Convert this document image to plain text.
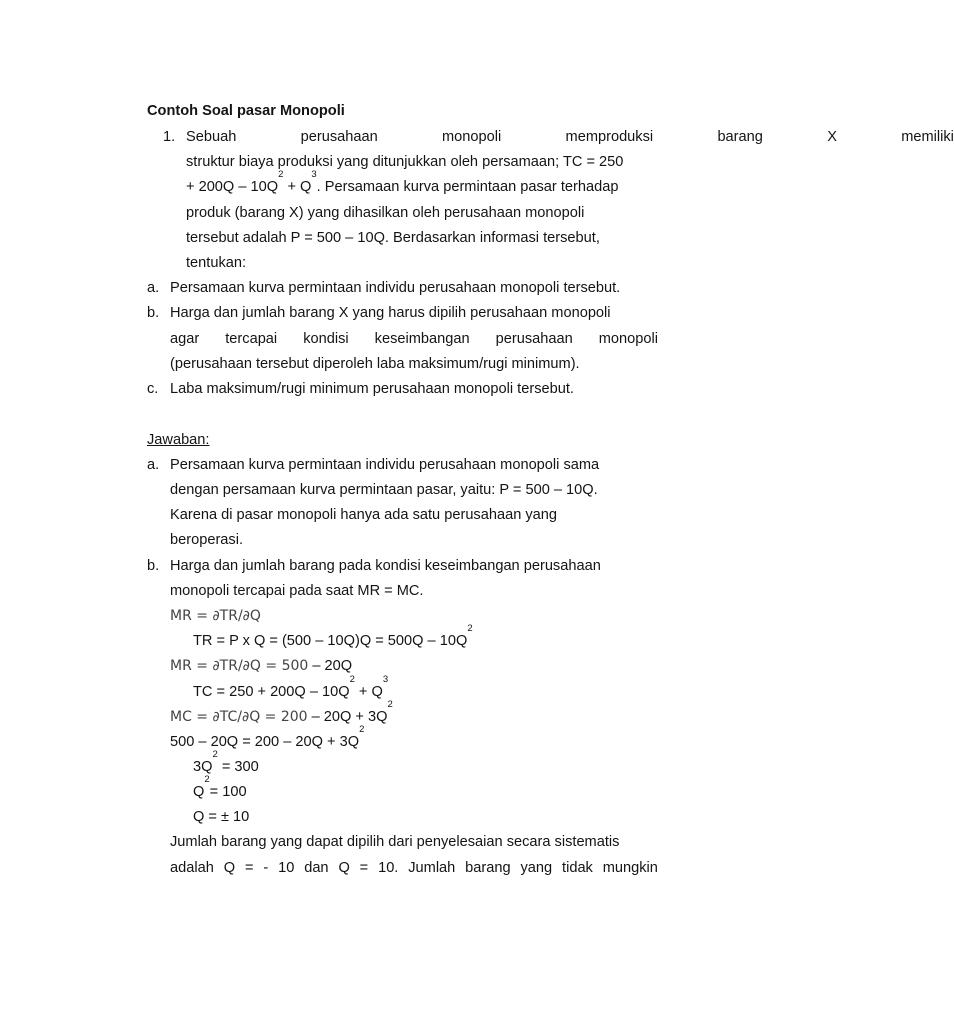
Contoh Soal pasar Monopoli
1. Sebuah	perusahaan	monopoli	memproduksi	barang	X	memiliki
struktur biaya produksi yang ditunjukkan oleh persamaan; TC = 250
+ $200Q - 10Q^2 + Q^3$. Persamaan kurva permintaan pasar terhadap
produk (barang X) yang dihasilkan oleh perusahaan monopoli
tersebut adalah P = 500 – 10Q. Berdasarkan informasi tersebut,
tentukan:
a. Persamaan kurva permintaan individu perusahaan monopoli tersebut.
b. Harga dan jumlah barang X yang harus dipilih perusahaan monopoli
agar tercapai kondisi keseimbangan perusahaan monopoli
(perusahaan tersebut diperoleh laba maksimum/rugi minimum).
c. Laba maksimum/rugi minimum perusahaan monopoli tersebut.
Jawaban:
a. Persamaan kurva permintaan individu perusahaan monopoli sama
dengan persamaan kurva permintaan pasar, yaitu: P = 500 – 10Q.
Karena di pasar monopoli hanya ada satu perusahaan yang
beroperasi.
b. Harga dan jumlah barang pada kondisi keseimbangan perusahaan
monopoli tercapai pada saat MR = MC.
MR = ∂TR/∂Q
TR = P x $Q = (500 - 10Q)Q = 500Q - 10Q^2$
MR = ∂TR/∂Q = 500 – 20Q
TC = $250 + 200Q - 10Q^2 + Q^3$
MC = $\partial TC/\partial Q = 200 - 20Q + 3Q^2$
$500 - 20Q = 200 - 20Q + 3Q^2$
$3Q^2 = 300$
$Q^2= 100$
Q = ± 10
Jumlah barang yang dapat dipilih dari penyelesaian secara sistematis
adalah Q = - 10 dan Q = 10. Jumlah barang yang tidak mungkin
